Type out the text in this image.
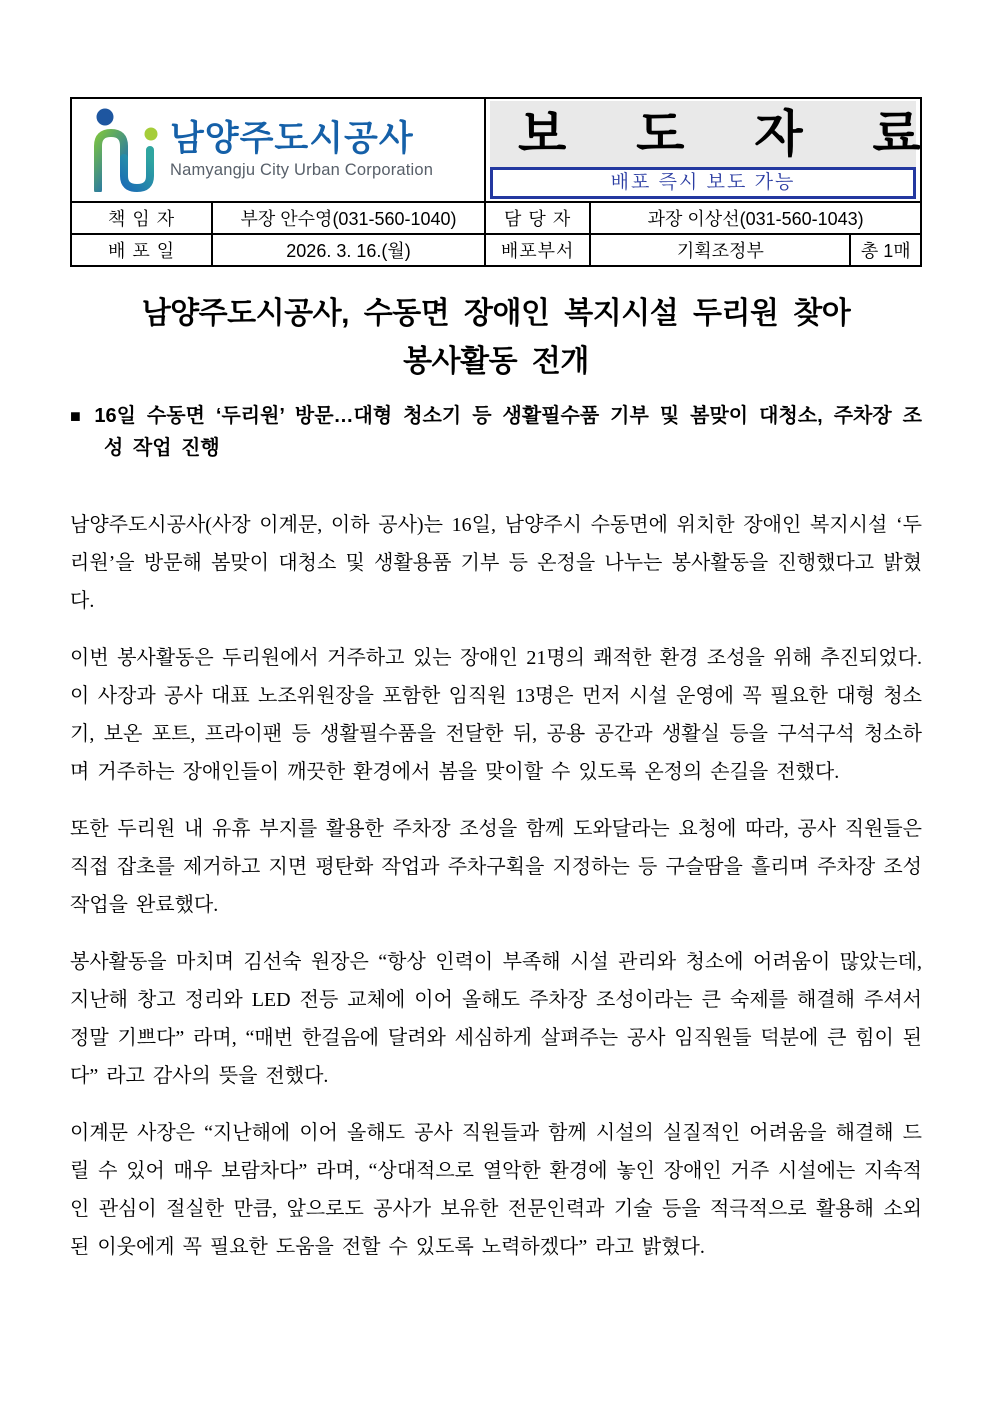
남양주도시공사
Namyangju City Urban Corporation

보 도 자 료
배포 즉시 보도 가능

책 임 자	부장 안수영(031-560-1040)	담 당 자	과장 이상선(031-560-1043)	
배 포 일	2026. 3. 16.(월)	배포부서	기획조정부	총 1매
남양주도시공사, 수동면 장애인 복지시설 두리원 찾아
봉사활동 전개
■ 16일 수동면 ‘두리원’ 방문…대형 청소기 등 생활필수품 기부 및 봄맞이 대청소, 주차장 조성 작업 진행

남양주도시공사(사장 이계문, 이하 공사)는 16일, 남양주시 수동면에 위치한 장애인 복지시설 ‘두리원’을 방문해 봄맞이 대청소 및 생활용품 기부 등 온정을 나누는 봉사활동을 진행했다고 밝혔다.

이번 봉사활동은 두리원에서 거주하고 있는 장애인 21명의 쾌적한 환경 조성을 위해 추진되었다. 이 사장과 공사 대표 노조위원장을 포함한 임직원 13명은 먼저 시설 운영에 꼭 필요한 대형 청소기, 보온 포트, 프라이팬 등 생활필수품을 전달한 뒤, 공용 공간과 생활실 등을 구석구석 청소하며 거주하는 장애인들이 깨끗한 환경에서 봄을 맞이할 수 있도록 온정의 손길을 전했다.

또한 두리원 내 유휴 부지를 활용한 주차장 조성을 함께 도와달라는 요청에 따라, 공사 직원들은 직접 잡초를 제거하고 지면 평탄화 작업과 주차구획을 지정하는 등 구슬땀을 흘리며 주차장 조성 작업을 완료했다.

봉사활동을 마치며 김선숙 원장은 “항상 인력이 부족해 시설 관리와 청소에 어려움이 많았는데, 지난해 창고 정리와 LED 전등 교체에 이어 올해도 주차장 조성이라는 큰 숙제를 해결해 주셔서 정말 기쁘다” 라며, “매번 한걸음에 달려와 세심하게 살펴주는 공사 임직원들 덕분에 큰 힘이 된다” 라고 감사의 뜻을 전했다.

이계문 사장은 “지난해에 이어 올해도 공사 직원들과 함께 시설의 실질적인 어려움을 해결해 드릴 수 있어 매우 보람차다” 라며, “상대적으로 열악한 환경에 놓인 장애인 거주 시설에는 지속적인 관심이 절실한 만큼, 앞으로도 공사가 보유한 전문인력과 기술 등을 적극적으로 활용해 소외된 이웃에게 꼭 필요한 도움을 전할 수 있도록 노력하겠다” 라고 밝혔다.
